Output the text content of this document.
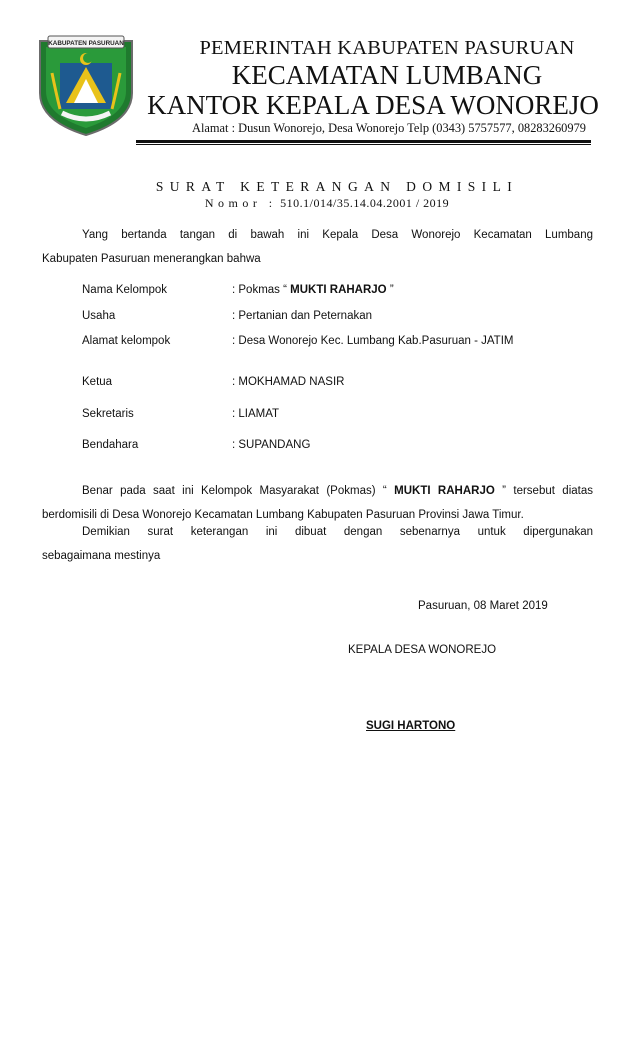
KABUPATEN PASURUAN	PEMERINTAH KABUPATEN PASURUAN
KECAMATAN LUMBANG
KANTOR KEPALA DESA WONOREJO
Alamat : Dusun Wonorejo, Desa Wonorejo Telp (0343) 5757577, 08283260979
SURAT KETERANGAN DOMISILI
Nomor : 510.1/014/35.14.04.2001 / 2019
Yang bertanda tangan di bawah ini Kepala Desa Wonorejo Kecamatan Lumbang
Kabupaten Pasuruan menerangkan bahwa
Nama Kelompok	: Pokmas “ MUKTI RAHARJO ”
Usaha	: Pertanian dan Peternakan
Alamat kelompok	: Desa Wonorejo Kec. Lumbang Kab.Pasuruan - JATIM
Ketua	: MOKHAMAD NASIR
Sekretaris	: LIAMAT
Bendahara	: SUPANDANG
Benar pada saat ini Kelompok Masyarakat (Pokmas) “ MUKTI RAHARJO ” tersebut diatas
berdomisili di Desa Wonorejo Kecamatan Lumbang Kabupaten Pasuruan Provinsi Jawa Timur.
Demikian surat keterangan ini dibuat dengan sebenarnya untuk dipergunakan
sebagaimana mestinya
Pasuruan, 08 Maret 2019
KEPALA DESA WONOREJO
SUGI HARTONO
